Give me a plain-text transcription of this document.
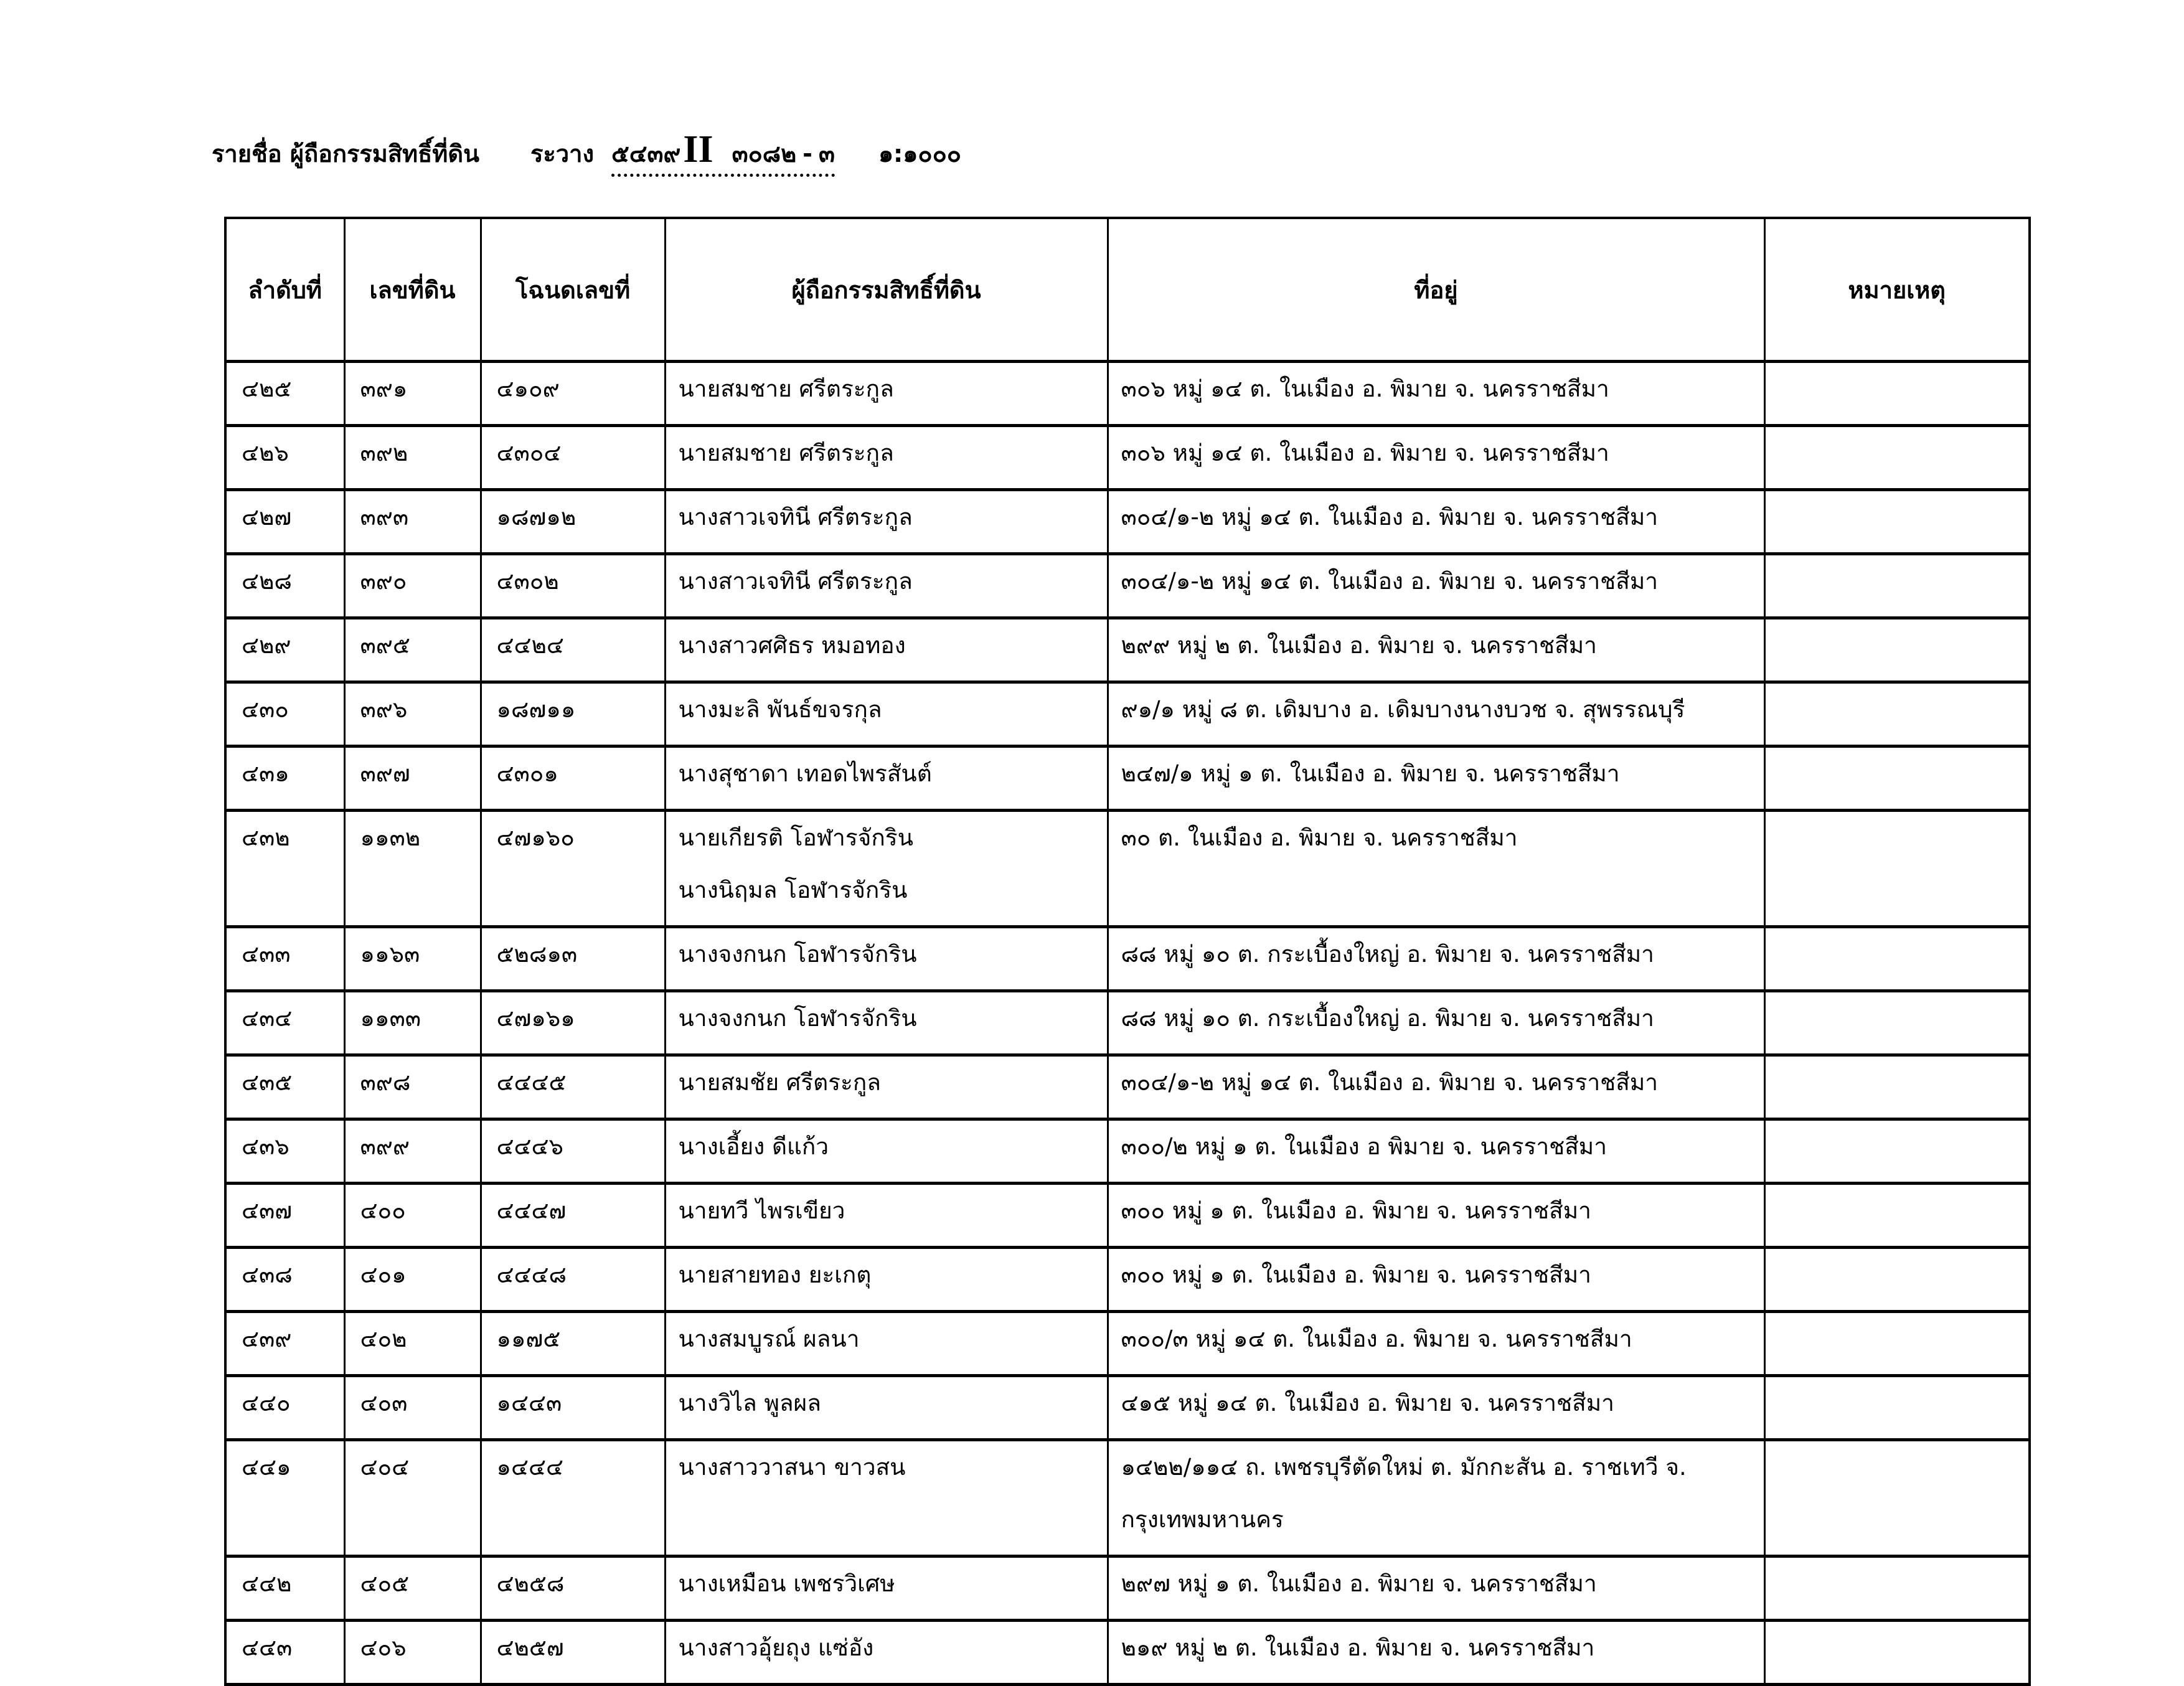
รายชื่อ ผู้ถือกรรมสิทธิ์ที่ดิน ระวาง ๕๔๓๙ II ๓๐๘๒ - ๓ ๑:๑๐๐๐
ลำดับที่	เลขที่ดิน	โฉนดเลขที่	ผู้ถือกรรมสิทธิ์ที่ดิน	ที่อยู่	หมายเหตุ

๔๒๕	๓๙๑	๔๑๐๙	นายสมชาย ศรีตระกูล	๓๐๖ หมู่ ๑๔ ต. ในเมือง อ. พิมาย จ. นครราชสีมา	

๔๒๖	๓๙๒	๔๓๐๔	นายสมชาย ศรีตระกูล	๓๐๖ หมู่ ๑๔ ต. ในเมือง อ. พิมาย จ. นครราชสีมา	

๔๒๗	๓๙๓	๑๘๗๑๒	นางสาวเจทินี ศรีตระกูล	๓๐๔/๑-๒ หมู่ ๑๔ ต. ในเมือง อ. พิมาย จ. นครราชสีมา	

๔๒๘	๓๙๐	๔๓๐๒	นางสาวเจทินี ศรีตระกูล	๓๐๔/๑-๒ หมู่ ๑๔ ต. ในเมือง อ. พิมาย จ. นครราชสีมา	

๔๒๙	๓๙๕	๔๔๒๔	นางสาวศศิธร หมอทอง	๒๙๙ หมู่ ๒ ต. ในเมือง อ. พิมาย จ. นครราชสีมา	

๔๓๐	๓๙๖	๑๘๗๑๑	นางมะลิ พันธ์ขจรกุล	๙๑/๑ หมู่ ๘ ต. เดิมบาง อ. เดิมบางนางบวช จ. สุพรรณบุรี	

๔๓๑	๓๙๗	๔๓๐๑	นางสุชาดา เทอดไพรสันต์	๒๔๗/๑ หมู่ ๑ ต. ในเมือง อ. พิมาย จ. นครราชสีมา	

๔๓๒	๑๑๓๒	๔๗๑๖๐	นายเกียรติ โอฬารจักริน
นางนิฤมล โอฬารจักริน	๓๐ ต. ในเมือง อ. พิมาย จ. นครราชสีมา	

๔๓๓	๑๑๖๓	๕๒๘๑๓	นางจงกนก โอฬารจักริน	๘๘ หมู่ ๑๐ ต. กระเบื้องใหญ่ อ. พิมาย จ. นครราชสีมา	

๔๓๔	๑๑๓๓	๔๗๑๖๑	นางจงกนก โอฬารจักริน	๘๘ หมู่ ๑๐ ต. กระเบื้องใหญ่ อ. พิมาย จ. นครราชสีมา	

๔๓๕	๓๙๘	๔๔๔๕	นายสมชัย ศรีตระกูล	๓๐๔/๑-๒ หมู่ ๑๔ ต. ในเมือง อ. พิมาย จ. นครราชสีมา	

๔๓๖	๓๙๙	๔๔๔๖	นางเอี้ยง ดีแก้ว	๓๐๐/๒ หมู่ ๑ ต. ในเมือง อ พิมาย จ. นครราชสีมา	

๔๓๗	๔๐๐	๔๔๔๗	นายทวี ไพรเขียว	๓๐๐ หมู่ ๑ ต. ในเมือง อ. พิมาย จ. นครราชสีมา	

๔๓๘	๔๐๑	๔๔๔๘	นายสายทอง ยะเกตุ	๓๐๐ หมู่ ๑ ต. ในเมือง อ. พิมาย จ. นครราชสีมา	

๔๓๙	๔๐๒	๑๑๗๕	นางสมบูรณ์ ผลนา	๓๐๐/๓ หมู่ ๑๔ ต. ในเมือง อ. พิมาย จ. นครราชสีมา	

๔๔๐	๔๐๓	๑๔๔๓	นางวิไล พูลผล	๔๑๕ หมู่ ๑๔ ต. ในเมือง อ. พิมาย จ. นครราชสีมา	

๔๔๑	๔๐๔	๑๔๔๔	นางสาววาสนา ขาวสน	๑๔๒๒/๑๑๔ ถ. เพชรบุรีตัดใหม่ ต. มักกะสัน อ. ราชเทวี จ.
กรุงเทพมหานคร	

๔๔๒	๔๐๕	๔๒๕๘	นางเหมือน เพชรวิเศษ	๒๙๗ หมู่ ๑ ต. ในเมือง อ. พิมาย จ. นครราชสีมา	

๔๔๓	๔๐๖	๔๒๕๗	นางสาวอุ้ยถุง แซ่อัง	๒๑๙ หมู่ ๒ ต. ในเมือง อ. พิมาย จ. นครราชสีมา	
